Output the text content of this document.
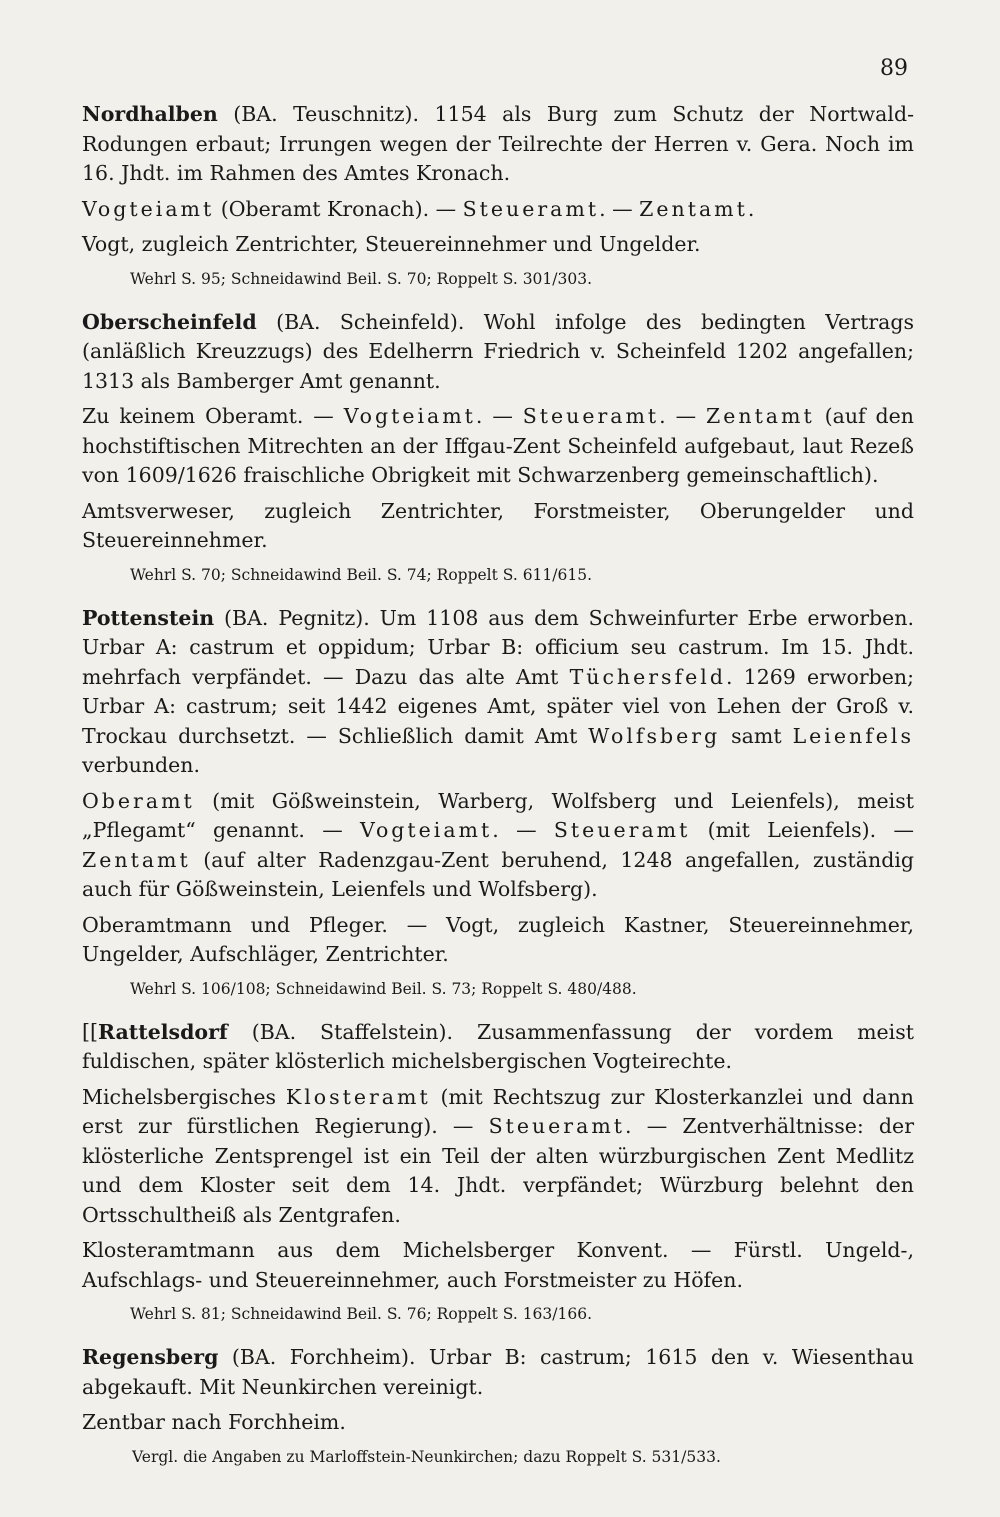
89

Nordhalben (BA. Teuschnitz). 1154 als Burg zum Schutz der Nortwald-Rodungen erbaut; Irrungen wegen der Teilrechte der Herren v. Gera. Noch im 16. Jhdt. im Rahmen des Amtes Kronach.

Vogteiamt (Oberamt Kronach). — Steueramt. — Zentamt.

Vogt, zugleich Zentrichter, Steuereinnehmer und Ungelder.

Wehrl S. 95; Schneidawind Beil. S. 70; Roppelt S. 301/303.

Oberscheinfeld (BA. Scheinfeld). Wohl infolge des bedingten Vertrags (anläßlich Kreuzzugs) des Edelherrn Friedrich v. Scheinfeld 1202 angefallen; 1313 als Bamberger Amt genannt.

Zu keinem Oberamt. — Vogteiamt. — Steueramt. — Zentamt (auf den hochstiftischen Mitrechten an der Iffgau-Zent Scheinfeld aufgebaut, laut Rezeß von 1609/1626 fraischliche Obrigkeit mit Schwarzenberg gemeinschaftlich).

Amtsverweser, zugleich Zentrichter, Forstmeister, Oberungelder und Steuereinnehmer.

Wehrl S. 70; Schneidawind Beil. S. 74; Roppelt S. 611/615.

Pottenstein (BA. Pegnitz). Um 1108 aus dem Schweinfurter Erbe erworben. Urbar A: castrum et oppidum; Urbar B: officium seu castrum. Im 15. Jhdt. mehrfach verpfändet. — Dazu das alte Amt Tüchersfeld. 1269 erworben; Urbar A: castrum; seit 1442 eigenes Amt, später viel von Lehen der Groß v. Trockau durchsetzt. — Schließlich damit Amt Wolfsberg samt Leienfels verbunden.

Oberamt (mit Gößweinstein, Warberg, Wolfsberg und Leienfels), meist „Pflegamt“ genannt. — Vogteiamt. — Steueramt (mit Leienfels). — Zentamt (auf alter Radenzgau-Zent beruhend, 1248 angefallen, zuständig auch für Gößweinstein, Leienfels und Wolfsberg).

Oberamtmann und Pfleger. — Vogt, zugleich Kastner, Steuereinnehmer, Ungelder, Aufschläger, Zentrichter.

Wehrl S. 106/108; Schneidawind Beil. S. 73; Roppelt S. 480/488.

[[Rattelsdorf (BA. Staffelstein). Zusammenfassung der vordem meist fuldischen, später klösterlich michelsbergischen Vogteirechte.

Michelsbergisches Klosteramt (mit Rechtszug zur Klosterkanzlei und dann erst zur fürstlichen Regierung). — Steueramt. — Zentverhältnisse: der klösterliche Zentsprengel ist ein Teil der alten würzburgischen Zent Medlitz und dem Kloster seit dem 14. Jhdt. verpfändet; Würzburg belehnt den Ortsschultheiß als Zentgrafen.

Klosteramtmann aus dem Michelsberger Konvent. — Fürstl. Ungeld-, Aufschlags- und Steuereinnehmer, auch Forstmeister zu Höfen.

Wehrl S. 81; Schneidawind Beil. S. 76; Roppelt S. 163/166.

Regensberg (BA. Forchheim). Urbar B: castrum; 1615 den v. Wiesenthau abgekauft. Mit Neunkirchen vereinigt.

Zentbar nach Forchheim.

Vergl. die Angaben zu Marloffstein-Neunkirchen; dazu Roppelt S. 531/533.
